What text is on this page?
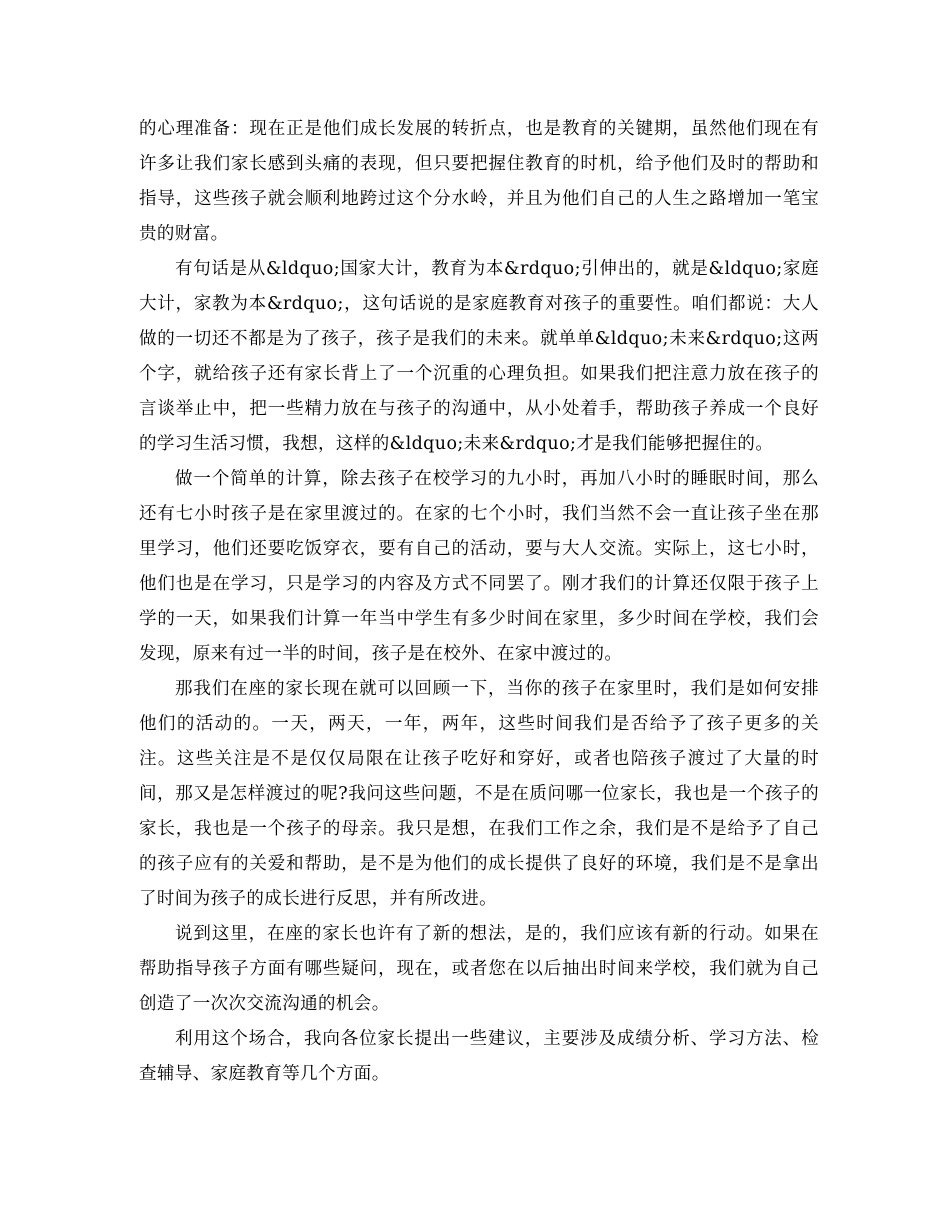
的心理准备：现在正是他们成长发展的转折点，也是教育的关键期，虽然他们现在有许多让我们家长感到头痛的表现，但只要把握住教育的时机，给予他们及时的帮助和指导，这些孩子就会顺利地跨过这个分水岭，并且为他们自己的人生之路增加一笔宝贵的财富。

有句话是从&ldquo;国家大计，教育为本&rdquo;引伸出的，就是&ldquo;家庭大计，家教为本&rdquo;，这句话说的是家庭教育对孩子的重要性。咱们都说：大人做的一切还不都是为了孩子，孩子是我们的未来。就单单&ldquo;未来&rdquo;这两个字，就给孩子还有家长背上了一个沉重的心理负担。如果我们把注意力放在孩子的言谈举止中，把一些精力放在与孩子的沟通中，从小处着手，帮助孩子养成一个良好的学习生活习惯，我想，这样的&ldquo;未来&rdquo;才是我们能够把握住的。

做一个简单的计算，除去孩子在校学习的九小时，再加八小时的睡眠时间，那么还有七小时孩子是在家里渡过的。在家的七个小时，我们当然不会一直让孩子坐在那里学习，他们还要吃饭穿衣，要有自己的活动，要与大人交流。实际上，这七小时，他们也是在学习，只是学习的内容及方式不同罢了。刚才我们的计算还仅限于孩子上学的一天，如果我们计算一年当中学生有多少时间在家里，多少时间在学校，我们会发现，原来有过一半的时间，孩子是在校外、在家中渡过的。

那我们在座的家长现在就可以回顾一下，当你的孩子在家里时，我们是如何安排他们的活动的。一天，两天，一年，两年，这些时间我们是否给予了孩子更多的关注。这些关注是不是仅仅局限在让孩子吃好和穿好，或者也陪孩子渡过了大量的时间，那又是怎样渡过的呢?我问这些问题，不是在质问哪一位家长，我也是一个孩子的家长，我也是一个孩子的母亲。我只是想，在我们工作之余，我们是不是给予了自己的孩子应有的关爱和帮助，是不是为他们的成长提供了良好的环境，我们是不是拿出了时间为孩子的成长进行反思，并有所改进。

说到这里，在座的家长也许有了新的想法，是的，我们应该有新的行动。如果在帮助指导孩子方面有哪些疑问，现在，或者您在以后抽出时间来学校，我们就为自己创造了一次次交流沟通的机会。

利用这个场合，我向各位家长提出一些建议，主要涉及成绩分析、学习方法、检查辅导、家庭教育等几个方面。
